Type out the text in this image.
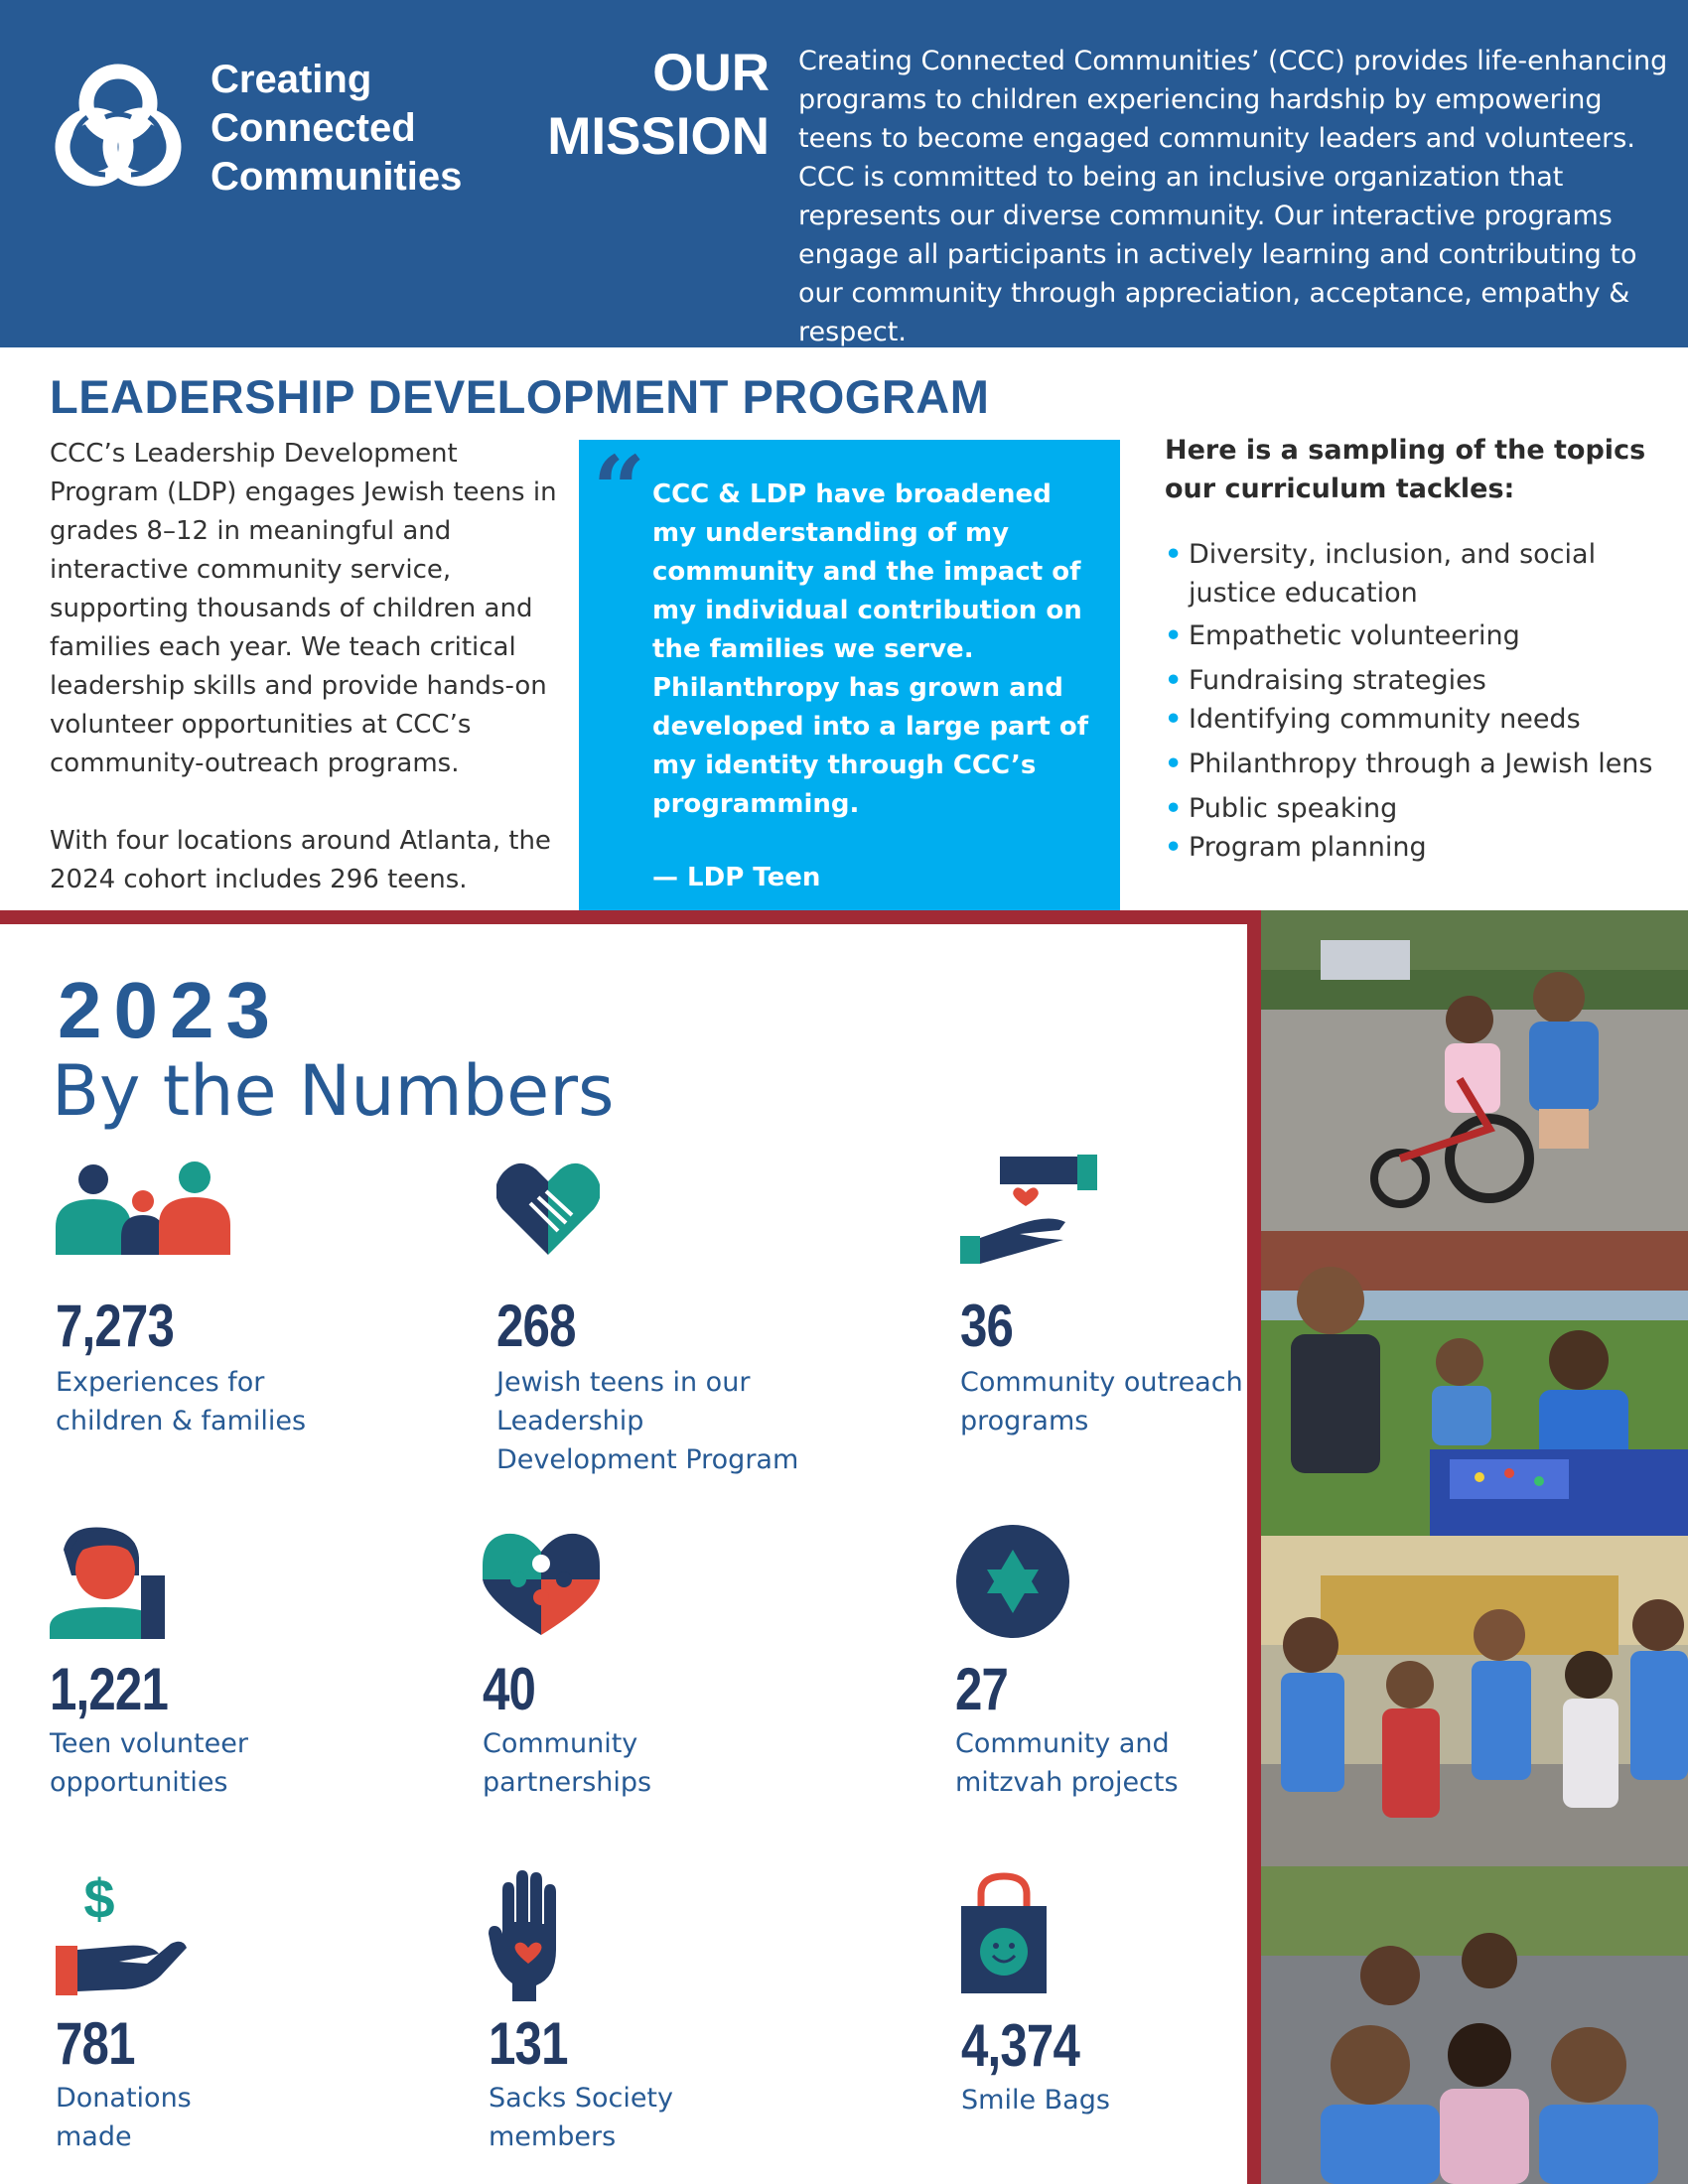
Creating
Connected
Communities
OUR
MISSION
Creating Connected Communities’ (CCC) provides life-enhancing programs to children experiencing hardship by empowering teens to become engaged community leaders and volunteers. CCC is committed to being an inclusive organization that represents our diverse community. Our interactive programs engage all participants in actively learning and contributing to our community through appreciation, acceptance, empathy & respect.
LEADERSHIP DEVELOPMENT PROGRAM

CCC’s Leadership Development Program (LDP) engages Jewish teens in grades 8–12 in meaningful and interactive community service, supporting thousands of children and families each year. We teach critical leadership skills and provide hands-on volunteer opportunities at CCC’s community-outreach programs.

With four locations around Atlanta, the 2024 cohort includes 296 teens.

“ CCC & LDP have broadened my understanding of my community and the impact of my individual contribution on the families we serve. Philanthropy has grown and developed into a large part of my identity through CCC’s programming.
— LDP Teen
Here is a sampling of the topics our curriculum tackles:
• Diversity, inclusion, and social justice education
• Empathetic volunteering
• Fundraising strategies
• Identifying community needs
• Philanthropy through a Jewish lens
• Public speaking
• Program planning
2023
By the Numbers
7,273
Experiences for children & families
268
Jewish teens in our Leadership Development Program
36
Community outreach programs
1,221
Teen volunteer opportunities
40
Community partnerships
27
Community and mitzvah projects
$
781
Donations made
131
Sacks Society members
4,374
Smile Bags
